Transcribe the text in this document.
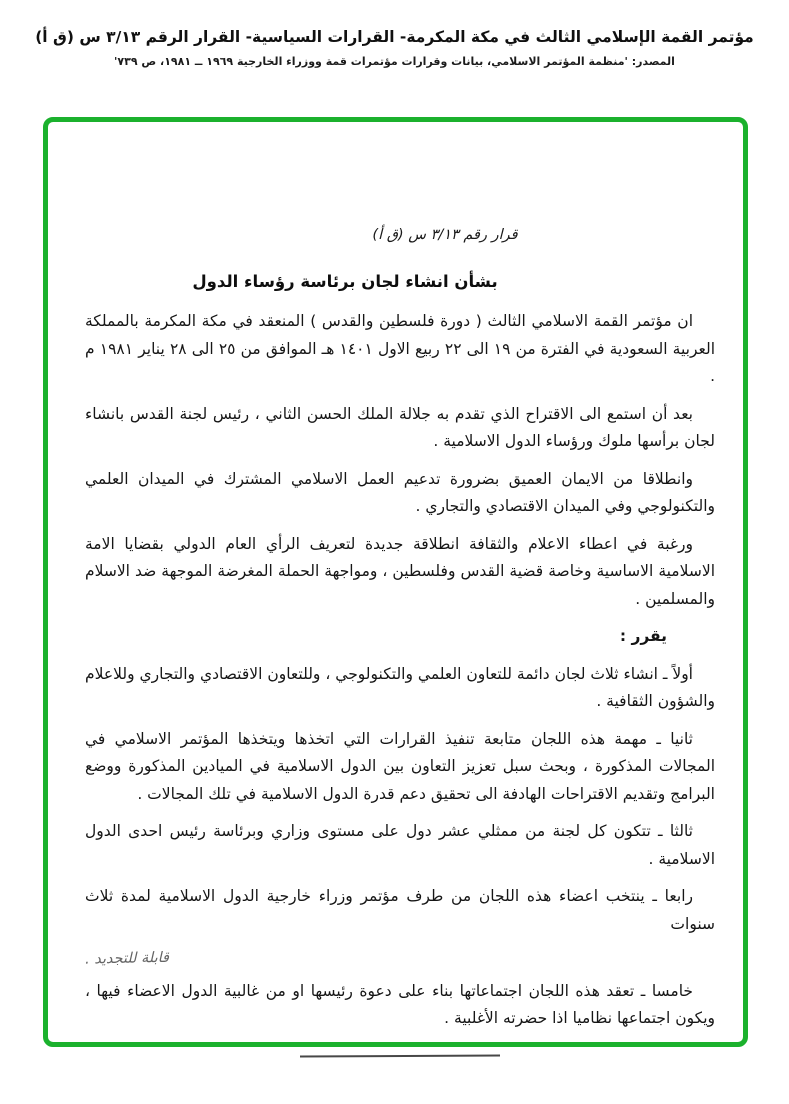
مؤتمر القمة الإسلامي الثالث في مكة المكرمة- القرارات السياسية- القرار الرقم ٣/١٣ س (ق أ)
المصدر: 'منظمة المؤتمر الاسلامي، بيانات وقرارات مؤتمرات قمة ووزراء الخارجية ١٩٦٩ ــ ١٩٨١، ص ٧٣٩'
قرار رقم ٣/١٣ س (ق أ)
بشأن انشاء لجان برئاسة رؤساء الدول

ان مؤتمر القمة الاسلامي الثالث ( دورة فلسطين والقدس ) المنعقد في مكة المكرمة بالمملكة العربية السعودية في الفترة من ١٩ الى ٢٢ ربيع الاول ١٤٠١ هـ الموافق من ٢٥ الى ٢٨ يناير ١٩٨١ م .

بعد أن استمع الى الاقتراح الذي تقدم به جلالة الملك الحسن الثاني ، رئيس لجنة القدس بانشاء لجان برأسها ملوك ورؤساء الدول الاسلامية .

وانطلاقا من الايمان العميق بضرورة تدعيم العمل الاسلامي المشترك في الميدان العلمي والتكنولوجي وفي الميدان الاقتصادي والتجاري .

ورغبة في اعطاء الاعلام والثقافة انطلاقة جديدة لتعريف الرأي العام الدولي بقضايا الامة الاسلامية الاساسية وخاصة قضية القدس وفلسطين ، ومواجهة الحملة المغرضة الموجهة ضد الاسلام والمسلمين .

يقرر :

أولاً ـ انشاء ثلاث لجان دائمة للتعاون العلمي والتكنولوجي ، وللتعاون الاقتصادي والتجاري وللاعلام والشؤون الثقافية .

ثانيا ـ مهمة هذه اللجان متابعة تنفيذ القرارات التي اتخذها ويتخذها المؤتمر الاسلامي في المجالات المذكورة ، وبحث سبل تعزيز التعاون بين الدول الاسلامية في الميادين المذكورة ووضع البرامج وتقديم الاقتراحات الهادفة الى تحقيق دعم قدرة الدول الاسلامية في تلك المجالات .

ثالثا ـ تتكون كل لجنة من ممثلي عشر دول على مستوى وزاري وبرئاسة رئيس احدى الدول الاسلامية .

رابعا ـ ينتخب اعضاء هذه اللجان من طرف مؤتمر وزراء خارجية الدول الاسلامية لمدة ثلاث سنوات

قابلة للتجديد .

خامسا ـ تعقد هذه اللجان اجتماعاتها بناء على دعوة رئيسها او من غالبية الدول الاعضاء فيها ، ويكون اجتماعها نظاميا اذا حضرته الأغلبية .
